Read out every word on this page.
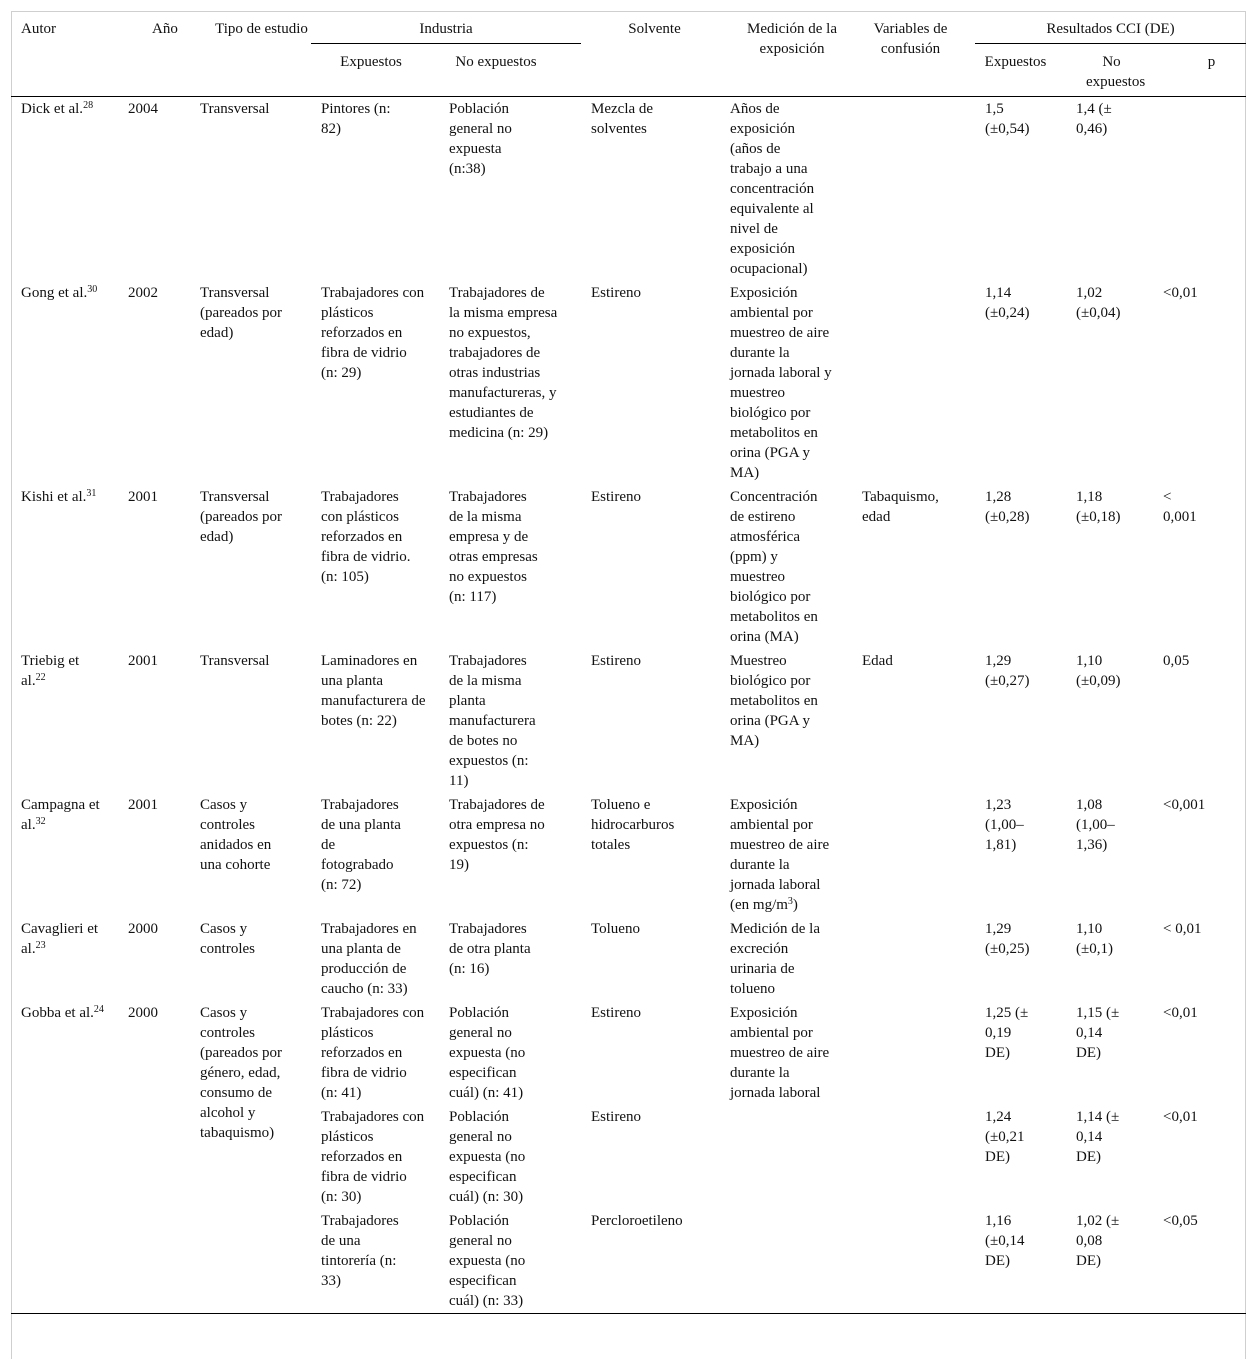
Autor	Año	Tipo de estudio	Industria		Solvente	Medición de la exposición	Variables de confusión	Resultados CCI (DE)		
			Expuestos	No expuestos				Expuestos	No expuestos	p

Dick et al.$^{28}$	2004	Transversal	Pintores (n: 82)	Población general no expuesta (n:38)	Mezcla de solventes	Años de exposición (años de trabajo a una concentración equivalente al nivel de exposición ocupacional)		1,5 (±0,54)	1,4 (± 0,46)	
Gong et al.$^{30}$	2002	Transversal (pareados por edad)	Trabajadores con plásticos reforzados en fibra de vidrio (n: 29)	Trabajadores de la misma empresa no expuestos, trabajadores de otras industrias manufactureras, y estudiantes de medicina (n: 29)	Estireno	Exposición ambiental por muestreo de aire durante la jornada laboral y muestreo biológico por metabolitos en orina (PGA y MA)		1,14 (±0,24)	1,02 (±0,04)	<0,01
Kishi et al.$^{31}$	2001	Transversal (pareados por edad)	Trabajadores con plásticos reforzados en fibra de vidrio. (n: 105)	Trabajadores de la misma empresa y de otras empresas no expuestos (n: 117)	Estireno	Concentración de estireno atmosférica (ppm) y muestreo biológico por metabolitos en orina (MA)	Tabaquismo, edad	1,28 (±0,28)	1,18 (±0,18)	< 0,001
Triebig et al.$^{22}$	2001	Transversal	Laminadores en una planta manufacturera de botes (n: 22)	Trabajadores de la misma planta manufacturera de botes no expuestos (n: 11)	Estireno	Muestreo biológico por metabolitos en orina (PGA y MA)	Edad	1,29 (±0,27)	1,10 (±0,09)	0,05
Campagna et al.$^{32}$	2001	Casos y controles anidados en una cohorte	Trabajadores de una planta de fotograbado (n: 72)	Trabajadores de otra empresa no expuestos (n: 19)	Tolueno e hidrocarburos totales	Exposición ambiental por muestreo de aire durante la jornada laboral (en $mg/m^3$)		1,23 (1,00–1,81)	1,08 (1,00–1,36)	<0,001
Cavaglieri et al.$^{23}$	2000	Casos y controles	Trabajadores en una planta de producción de caucho (n: 33)	Trabajadores de otra planta (n: 16)	Tolueno	Medición de la excreción urinaria de tolueno		1,29 (±0,25)	1,10 (±0,1)	< 0,01
Gobba et al.$^{24}$	2000	Casos y controles (pareados por género, edad, consumo de alcohol y tabaquismo)	Trabajadores con plásticos reforzados en fibra de vidrio (n: 41)	Población general no expuesta (no especifican cuál) (n: 41)	Estireno	Exposición ambiental por muestreo de aire durante la jornada laboral		1,25 (± 0,19 DE)	1,15 (± 0,14 DE)	<0,01
			Trabajadores con plásticos reforzados en fibra de vidrio (n: 30)	Población general no expuesta (no especifican cuál) (n: 30)	Estireno			1,24 (±0,21 DE)	1,14 (± 0,14 DE)	<0,01
			Trabajadores de una tintorería (n: 33)	Población general no expuesta (no especifican cuál) (n: 33)	Percloroetileno			1,16 (±0,14 DE)	1,02 (± 0,08 DE)	<0,05
